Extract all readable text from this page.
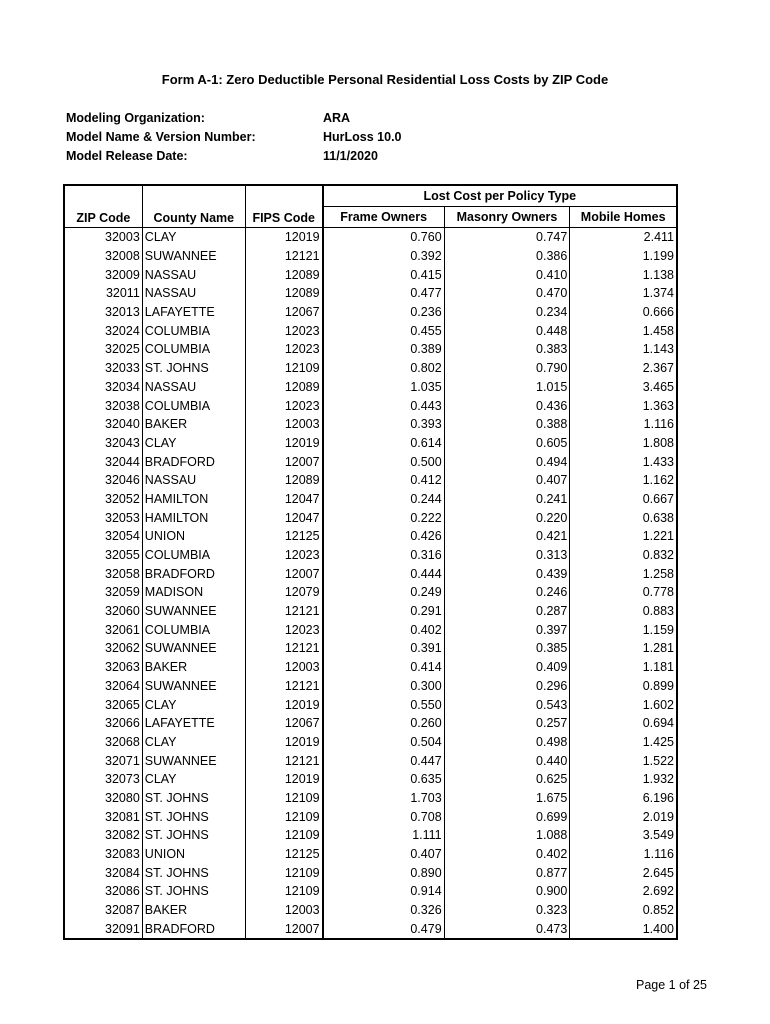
Form A-1: Zero Deductible Personal Residential Loss Costs by ZIP Code
Modeling Organization:	ARA
Model Name & Version Number:	HurLoss 10.0
Model Release Date:	11/1/2020
ZIP Code	County Name	FIPS Code	Lost Cost per Policy Type		
			Frame Owners	Masonry Owners	Mobile Homes
32003	CLAY	12019	0.760	0.747	2.411
32008	SUWANNEE	12121	0.392	0.386	1.199
32009	NASSAU	12089	0.415	0.410	1.138
32011	NASSAU	12089	0.477	0.470	1.374
32013	LAFAYETTE	12067	0.236	0.234	0.666
32024	COLUMBIA	12023	0.455	0.448	1.458
32025	COLUMBIA	12023	0.389	0.383	1.143
32033	ST. JOHNS	12109	0.802	0.790	2.367
32034	NASSAU	12089	1.035	1.015	3.465
32038	COLUMBIA	12023	0.443	0.436	1.363
32040	BAKER	12003	0.393	0.388	1.116
32043	CLAY	12019	0.614	0.605	1.808
32044	BRADFORD	12007	0.500	0.494	1.433
32046	NASSAU	12089	0.412	0.407	1.162
32052	HAMILTON	12047	0.244	0.241	0.667
32053	HAMILTON	12047	0.222	0.220	0.638
32054	UNION	12125	0.426	0.421	1.221
32055	COLUMBIA	12023	0.316	0.313	0.832
32058	BRADFORD	12007	0.444	0.439	1.258
32059	MADISON	12079	0.249	0.246	0.778
32060	SUWANNEE	12121	0.291	0.287	0.883
32061	COLUMBIA	12023	0.402	0.397	1.159
32062	SUWANNEE	12121	0.391	0.385	1.281
32063	BAKER	12003	0.414	0.409	1.181
32064	SUWANNEE	12121	0.300	0.296	0.899
32065	CLAY	12019	0.550	0.543	1.602
32066	LAFAYETTE	12067	0.260	0.257	0.694
32068	CLAY	12019	0.504	0.498	1.425
32071	SUWANNEE	12121	0.447	0.440	1.522
32073	CLAY	12019	0.635	0.625	1.932
32080	ST. JOHNS	12109	1.703	1.675	6.196
32081	ST. JOHNS	12109	0.708	0.699	2.019
32082	ST. JOHNS	12109	1.111	1.088	3.549
32083	UNION	12125	0.407	0.402	1.116
32084	ST. JOHNS	12109	0.890	0.877	2.645
32086	ST. JOHNS	12109	0.914	0.900	2.692
32087	BAKER	12003	0.326	0.323	0.852
32091	BRADFORD	12007	0.479	0.473	1.400
Page 1 of 25
